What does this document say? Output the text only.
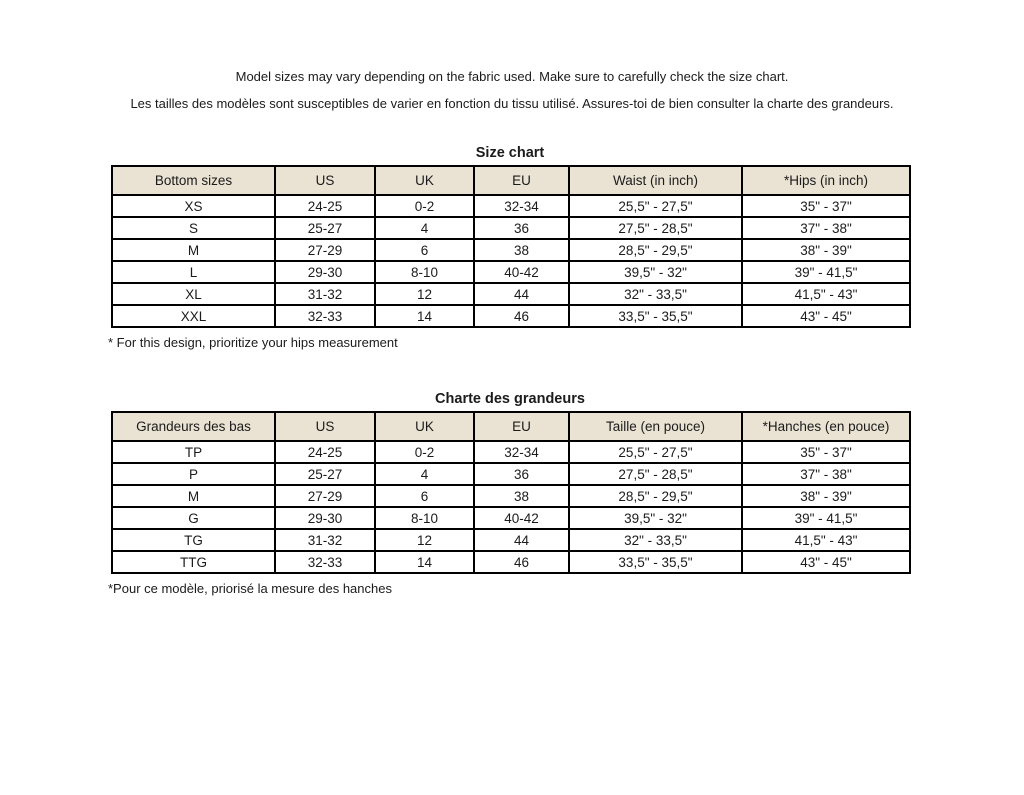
Model sizes may vary depending on the fabric used. Make sure to carefully check the size chart.

Les tailles des modèles sont susceptibles de varier en fonction du tissu utilisé. Assures-toi de bien consulter la charte des grandeurs.

Size chart
Bottom sizes	US	UK	EU	Waist (in inch)	*Hips (in inch)
XS	24-25	0-2	32-34	25,5" - 27,5"	35" - 37"
S	25-27	4	36	27,5" - 28,5"	37" - 38"
M	27-29	6	38	28,5" - 29,5"	38" - 39"
L	29-30	8-10	40-42	39,5" - 32"	39" - 41,5"
XL	31-32	12	44	32" - 33,5"	41,5" - 43"
XXL	32-33	14	46	33,5" - 35,5"	43" - 45"

* For this design, prioritize your hips measurement

Charte des grandeurs
Grandeurs des bas	US	UK	EU	Taille (en pouce)	*Hanches (en pouce)
TP	24-25	0-2	32-34	25,5" - 27,5"	35" - 37"
P	25-27	4	36	27,5" - 28,5"	37" - 38"
M	27-29	6	38	28,5" - 29,5"	38" - 39"
G	29-30	8-10	40-42	39,5" - 32"	39" - 41,5"
TG	31-32	12	44	32" - 33,5"	41,5" - 43"
TTG	32-33	14	46	33,5" - 35,5"	43" - 45"

*Pour ce modèle, priorisé la mesure des hanches
